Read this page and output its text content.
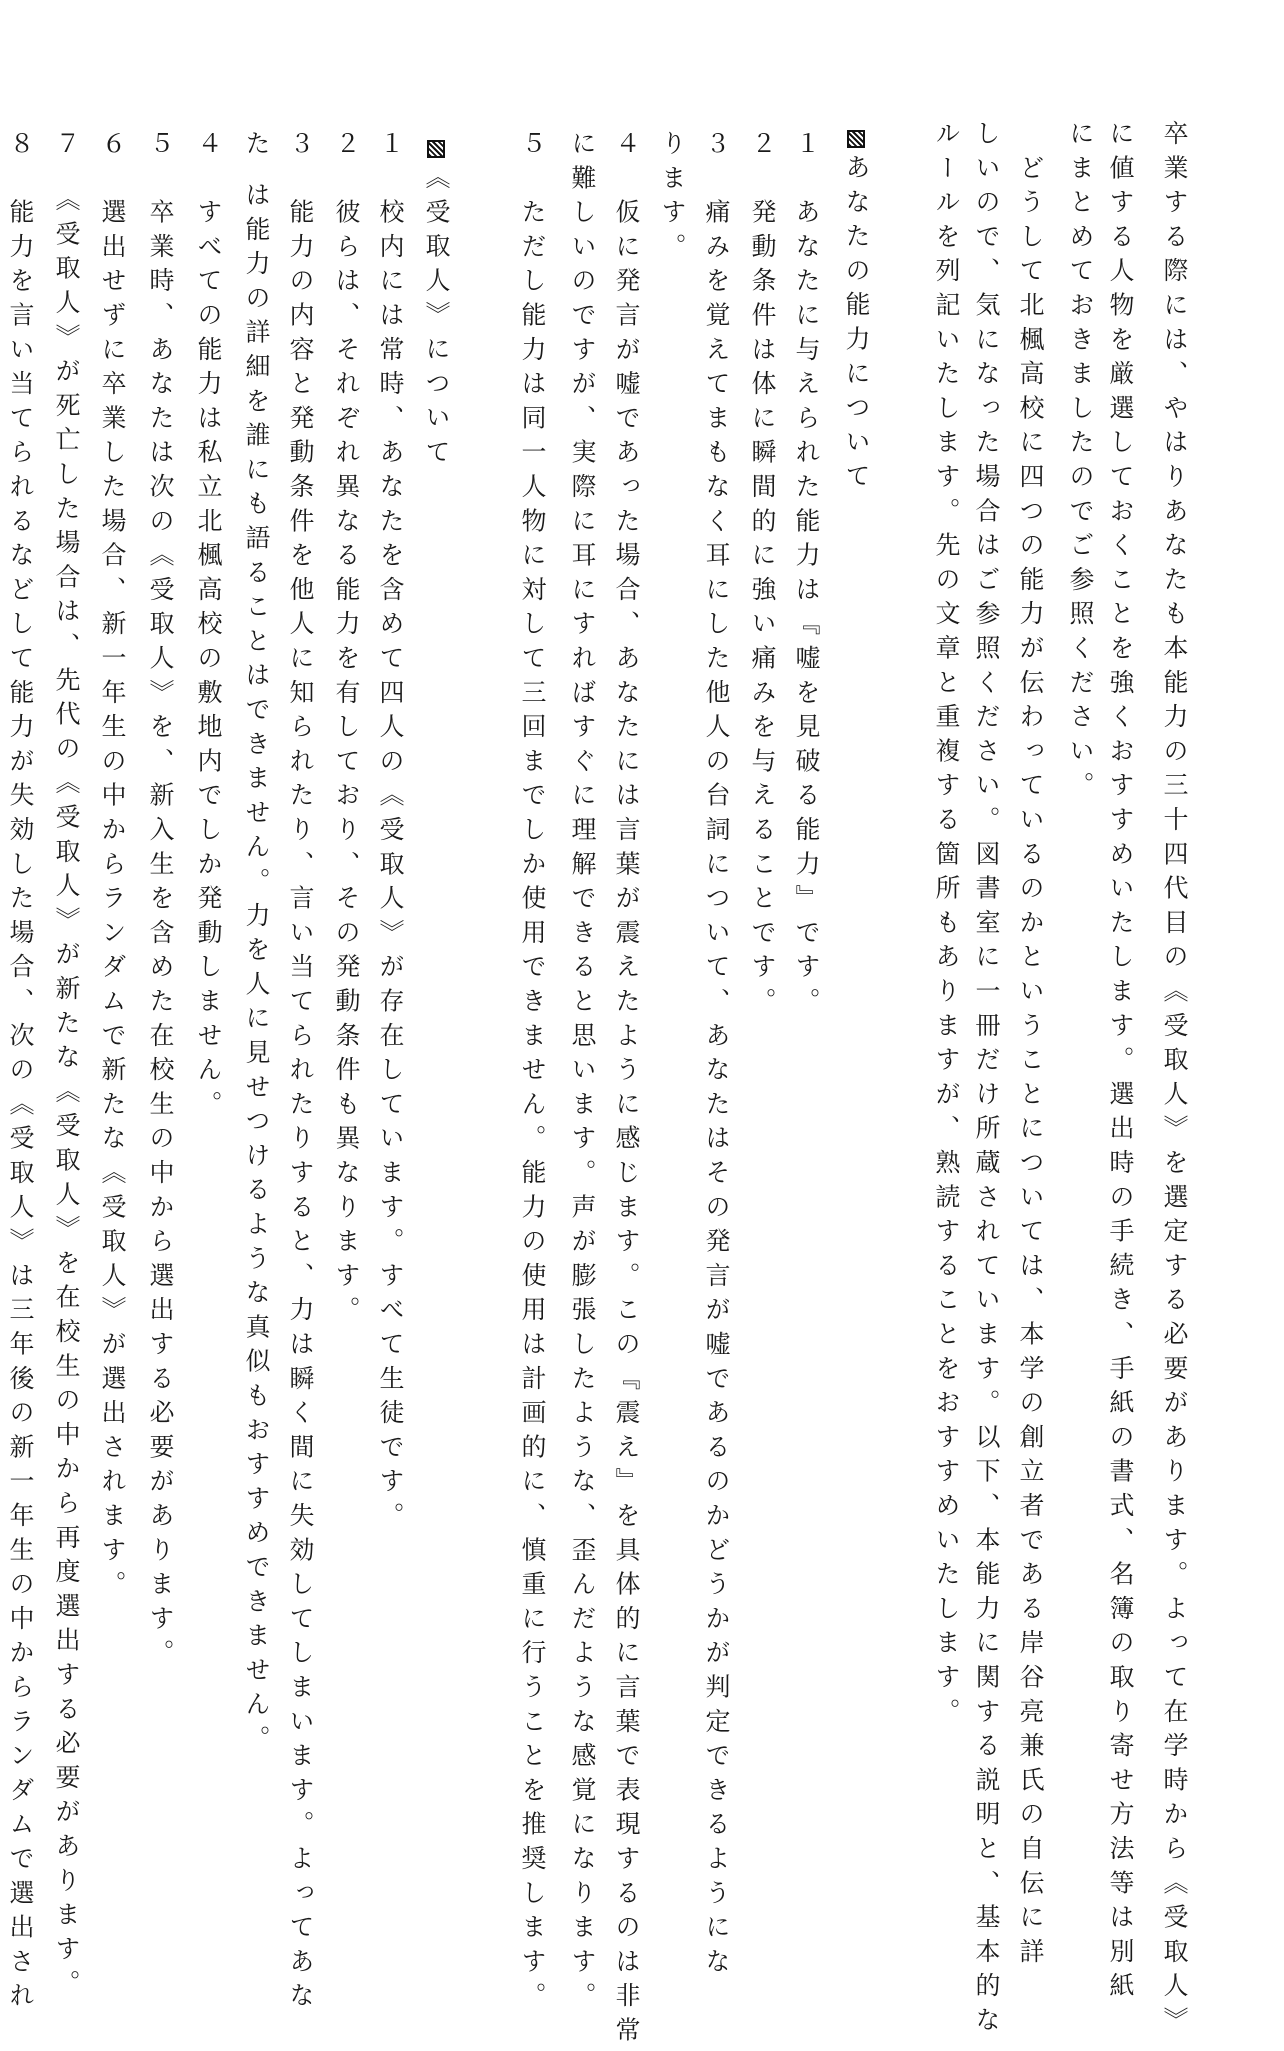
卒業する際には、やはりあなたも本能力の三十四代目の《受取人》を選定する必要があります。よって在学時から《受取人》
に値する人物を厳選しておくことを強くおすすめいたします。選出時の手続き、手紙の書式、名簿の取り寄せ方法等は別紙
にまとめておきましたのでご参照ください。
　どうして北楓高校に四つの能力が伝わっているのかということについては、本学の創立者である岸谷亮兼氏の自伝に詳
しいので、気になった場合はご参照ください。図書室に一冊だけ所蔵されています。以下、本能力に関する説明と、基本的な
ルールを列記いたします。先の文章と重複する箇所もありますが、熟読することをおすすめいたします。
あなたの能力について
１　あなたに与えられた能力は『嘘を見破る能力』です。
２　発動条件は体に瞬間的に強い痛みを与えることです。
３　痛みを覚えてまもなく耳にした他人の台詞について、あなたはその発言が嘘であるのかどうかが判定できるようにな
ります。
４　仮に発言が嘘であった場合、あなたには言葉が震えたように感じます。この『震え』を具体的に言葉で表現するのは非常
に難しいのですが、実際に耳にすればすぐに理解できると思います。声が膨張したような、歪んだような感覚になります。
５　ただし能力は同一人物に対して三回までしか使用できません。能力の使用は計画的に、慎重に行うことを推奨します。
《受取人》について
１　校内には常時、あなたを含めて四人の《受取人》が存在しています。すべて生徒です。
２　彼らは、それぞれ異なる能力を有しており、その発動条件も異なります。
３　能力の内容と発動条件を他人に知られたり、言い当てられたりすると、力は瞬く間に失効してしまいます。よってあな
た は能力の詳細を誰にも語ることはできません。力を人に見せつけるような真似もおすすめできません。
４　すべての能力は私立北楓高校の敷地内でしか発動しません。
５　卒業時、あなたは次の《受取人》を、新入生を含めた在校生の中から選出する必要があります。
６　選出せずに卒業した場合、新一年生の中からランダムで新たな《受取人》が選出されます。
７　《受取人》が死亡した場合は、先代の《受取人》が新たな《受取人》を在校生の中から再度選出する必要があります。
８　能力を言い当てられるなどして能力が失効した場合、次の《受取人》は三年後の新一年生の中からランダムで選出され
